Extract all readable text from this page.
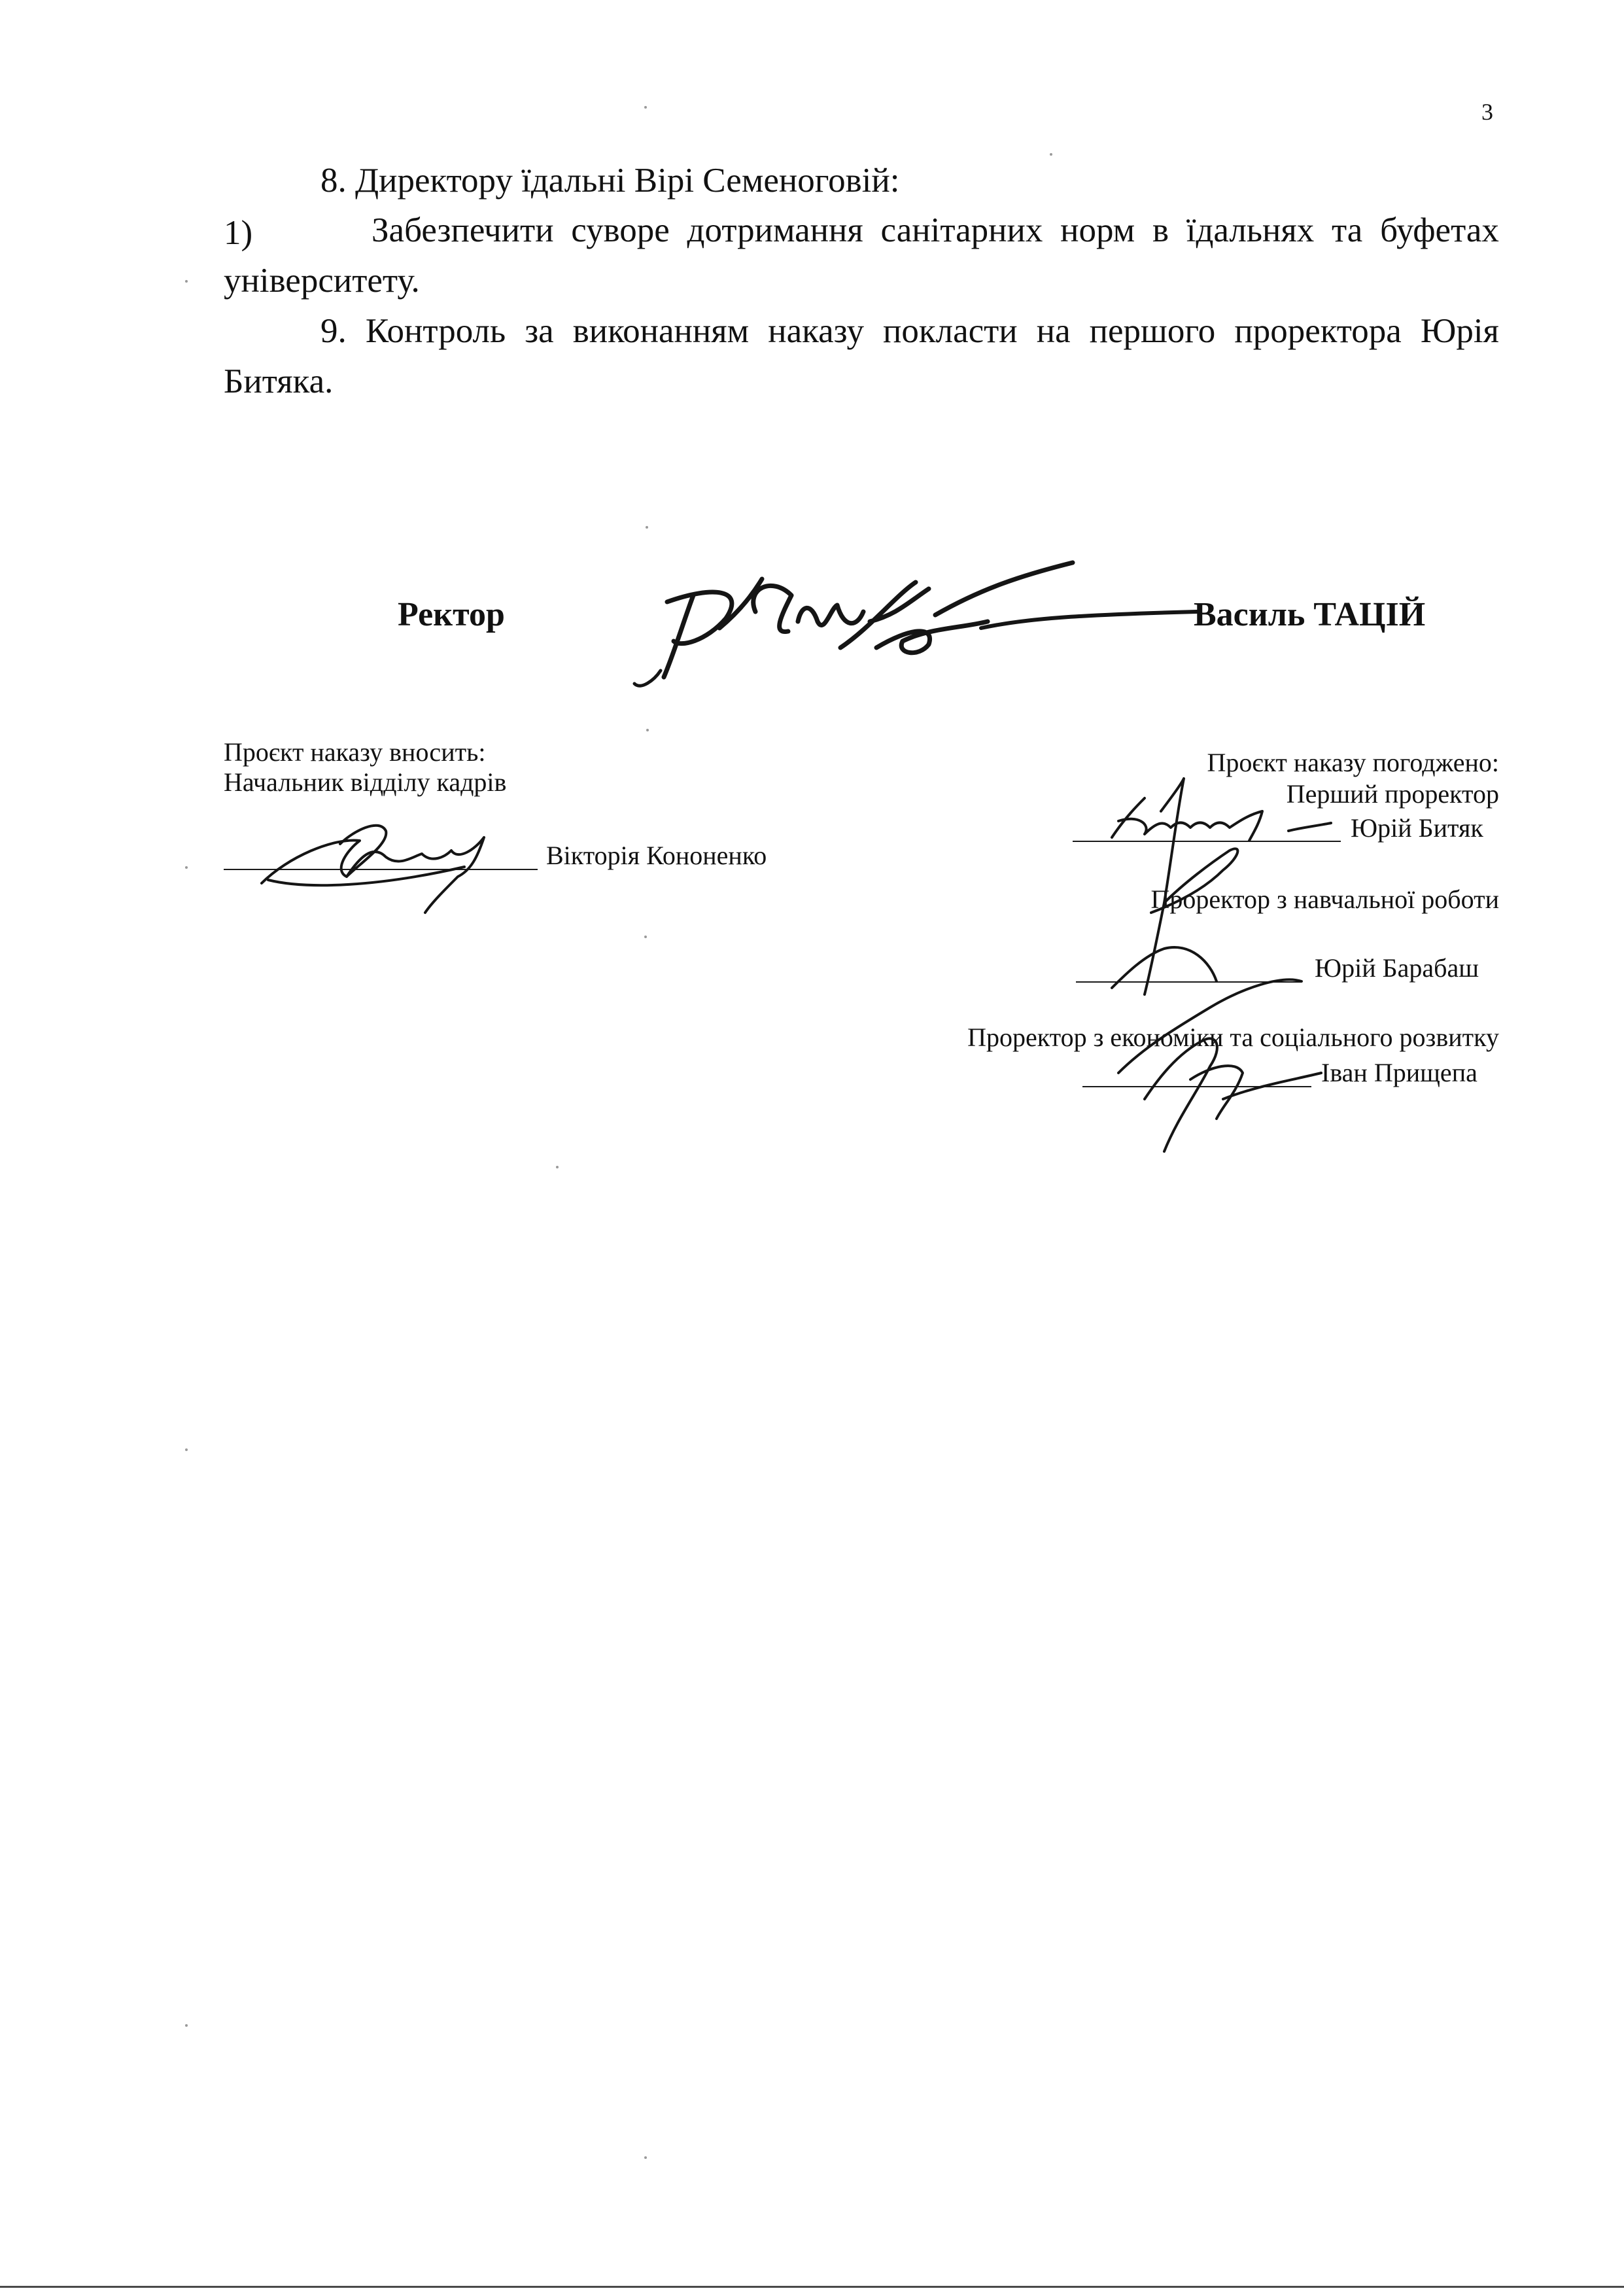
3
8. Директору їдальні Вірі Семеноговій:
1)	Забезпечити суворе дотримання санітарних норм в їдальнях та буфетах
університету.
9. Контроль за виконанням наказу покласти на першого проректора Юрія
Битяка.
Ректор	Василь ТАЦІЙ
Проєкт наказу вносить:
Начальник відділу кадрів
Вікторія Кононенко
Проєкт наказу погоджено:
Перший проректор
Юрій Битяк
Проректор з навчальної роботи
Юрій Барабаш
Проректор з економіки та соціального розвитку
Іван Прищепа
